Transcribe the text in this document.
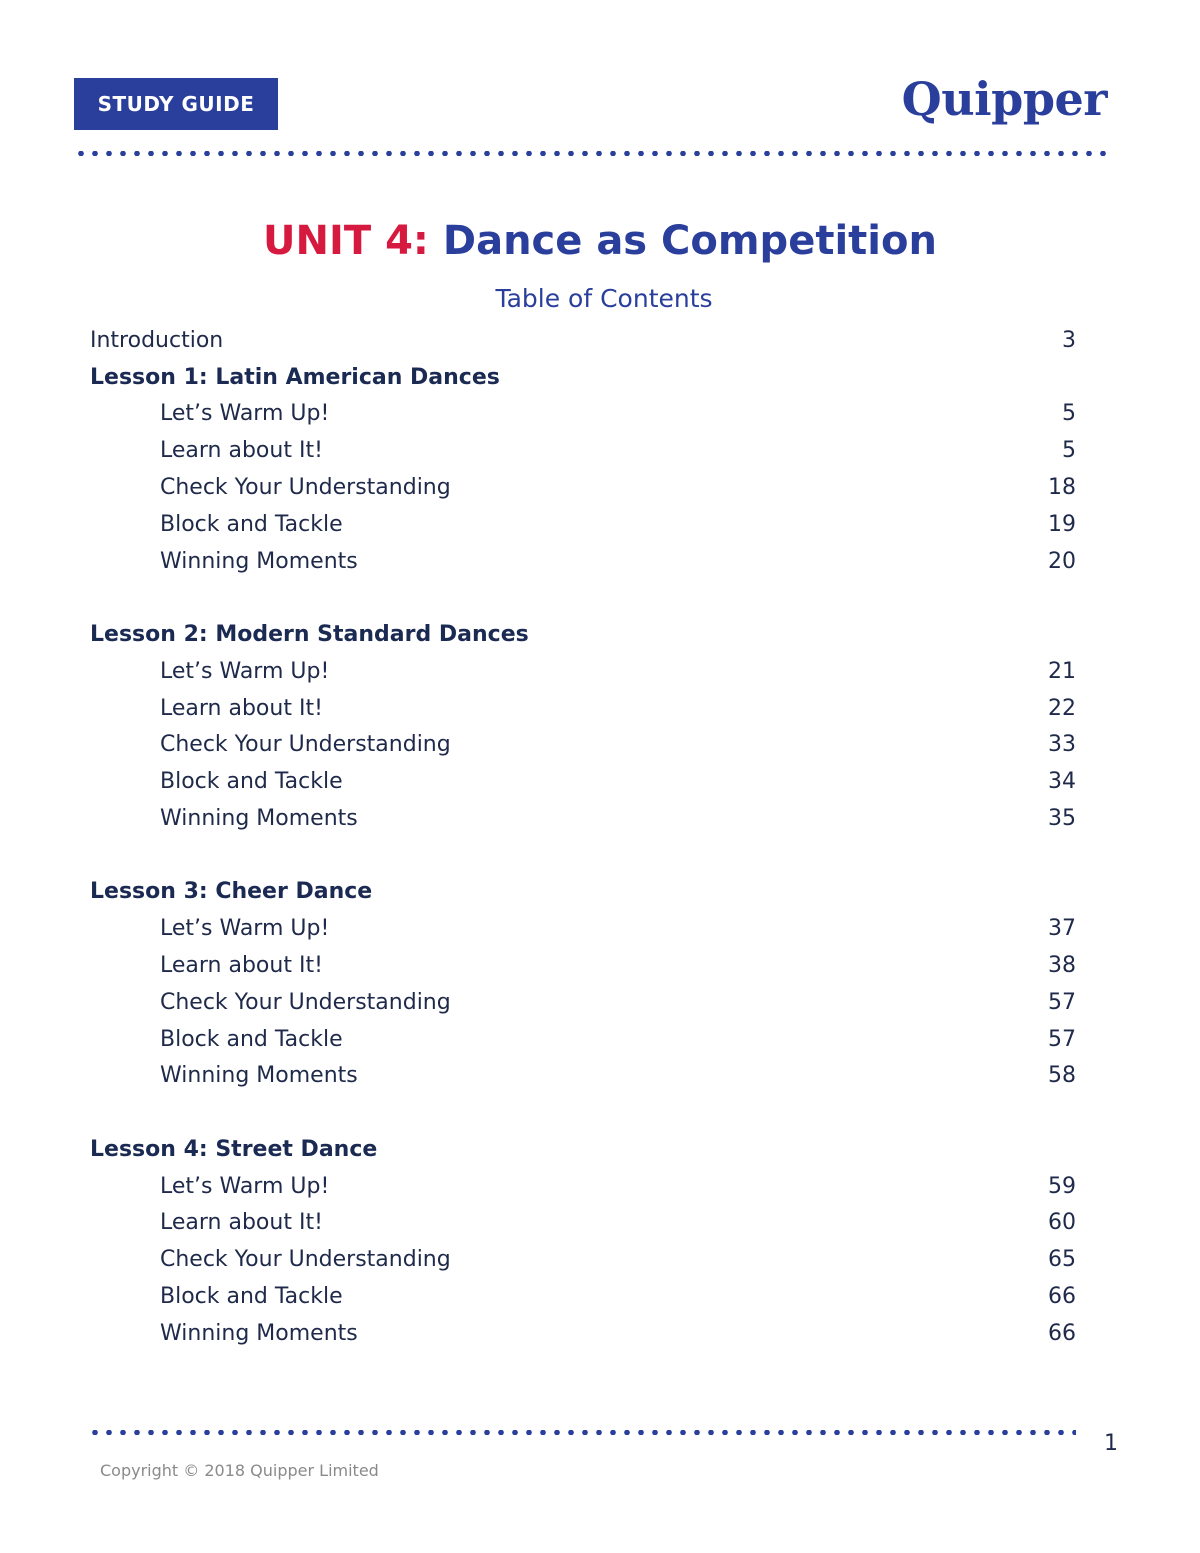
STUDY GUIDE	Quipper
UNIT 4: Dance as Competition
Table of Contents
Introduction	3
Lesson 1: Latin American Dances
Let’s Warm Up!	5
Learn about It!	5
Check Your Understanding	18
Block and Tackle	19
Winning Moments	20
Lesson 2: Modern Standard Dances
Let’s Warm Up!	21
Learn about It!	22
Check Your Understanding	33
Block and Tackle	34
Winning Moments	35
Lesson 3: Cheer Dance
Let’s Warm Up!	37
Learn about It!	38
Check Your Understanding	57
Block and Tackle	57
Winning Moments	58
Lesson 4: Street Dance
Let’s Warm Up!	59
Learn about It!	60
Check Your Understanding	65
Block and Tackle	66
Winning Moments	66
1
Copyright © 2018 Quipper Limited
